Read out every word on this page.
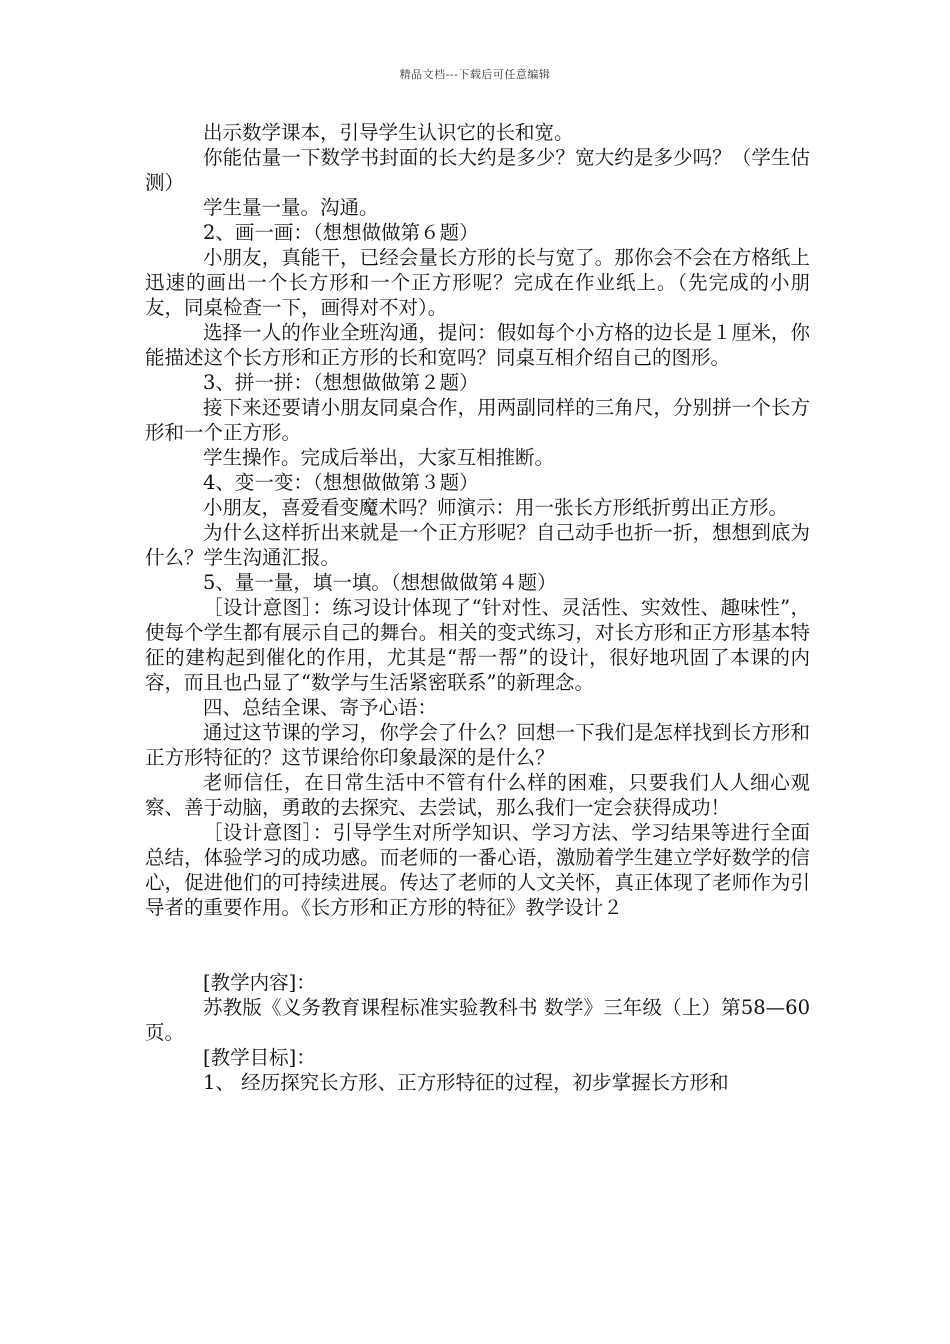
精品文档---下载后可任意编辑

出示数学课本，引导学生认识它的长和宽。

你能估量一下数学书封面的长大约是多少？宽大约是多少吗？（学生估测）

学生量一量。沟通。

2、画一画：（想想做做第６题）

小朋友，真能干，已经会量长方形的长与宽了。那你会不会在方格纸上迅速的画出一个长方形和一个正方形呢？完成在作业纸上。（先完成的小朋友，同桌检查一下，画得对不对）。

选择一人的作业全班沟通，提问：假如每个小方格的边长是１厘米，你能描述这个长方形和正方形的长和宽吗？同桌互相介绍自己的图形。

3、拼一拼：（想想做做第２题）

接下来还要请小朋友同桌合作，用两副同样的三角尺，分别拼一个长方形和一个正方形。

学生操作。完成后举出，大家互相推断。

4、变一变：（想想做做第３题）

小朋友，喜爱看变魔术吗？师演示：用一张长方形纸折剪出正方形。

为什么这样折出来就是一个正方形呢？自己动手也折一折，想想到底为什么？学生沟通汇报。

5、量一量，填一填。（想想做做第４题）

［设计意图］：练习设计体现了“针对性、灵活性、实效性、趣味性”，使每个学生都有展示自己的舞台。相关的变式练习，对长方形和正方形基本特征的建构起到催化的作用，尤其是“帮一帮”的设计，很好地巩固了本课的内容，而且也凸显了“数学与生活紧密联系”的新理念。

四、总结全课、寄予心语：

通过这节课的学习，你学会了什么？回想一下我们是怎样找到长方形和正方形特征的？这节课给你印象最深的是什么？

老师信任，在日常生活中不管有什么样的困难，只要我们人人细心观察、善于动脑，勇敢的去探究、去尝试，那么我们一定会获得成功！

［设计意图］：引导学生对所学知识、学习方法、学习结果等进行全面总结，体验学习的成功感。而老师的一番心语，激励着学生建立学好数学的信心，促进他们的可持续进展。传达了老师的人文关怀，真正体现了老师作为引导者的重要作用。《长方形和正方形的特征》教学设计２

[教学内容]：

苏教版《义务教育课程标准实验教科书 数学》三年级（上）第58—60页。

[教学目标]：

1、 经历探究长方形、正方形特征的过程，初步掌握长方形和
